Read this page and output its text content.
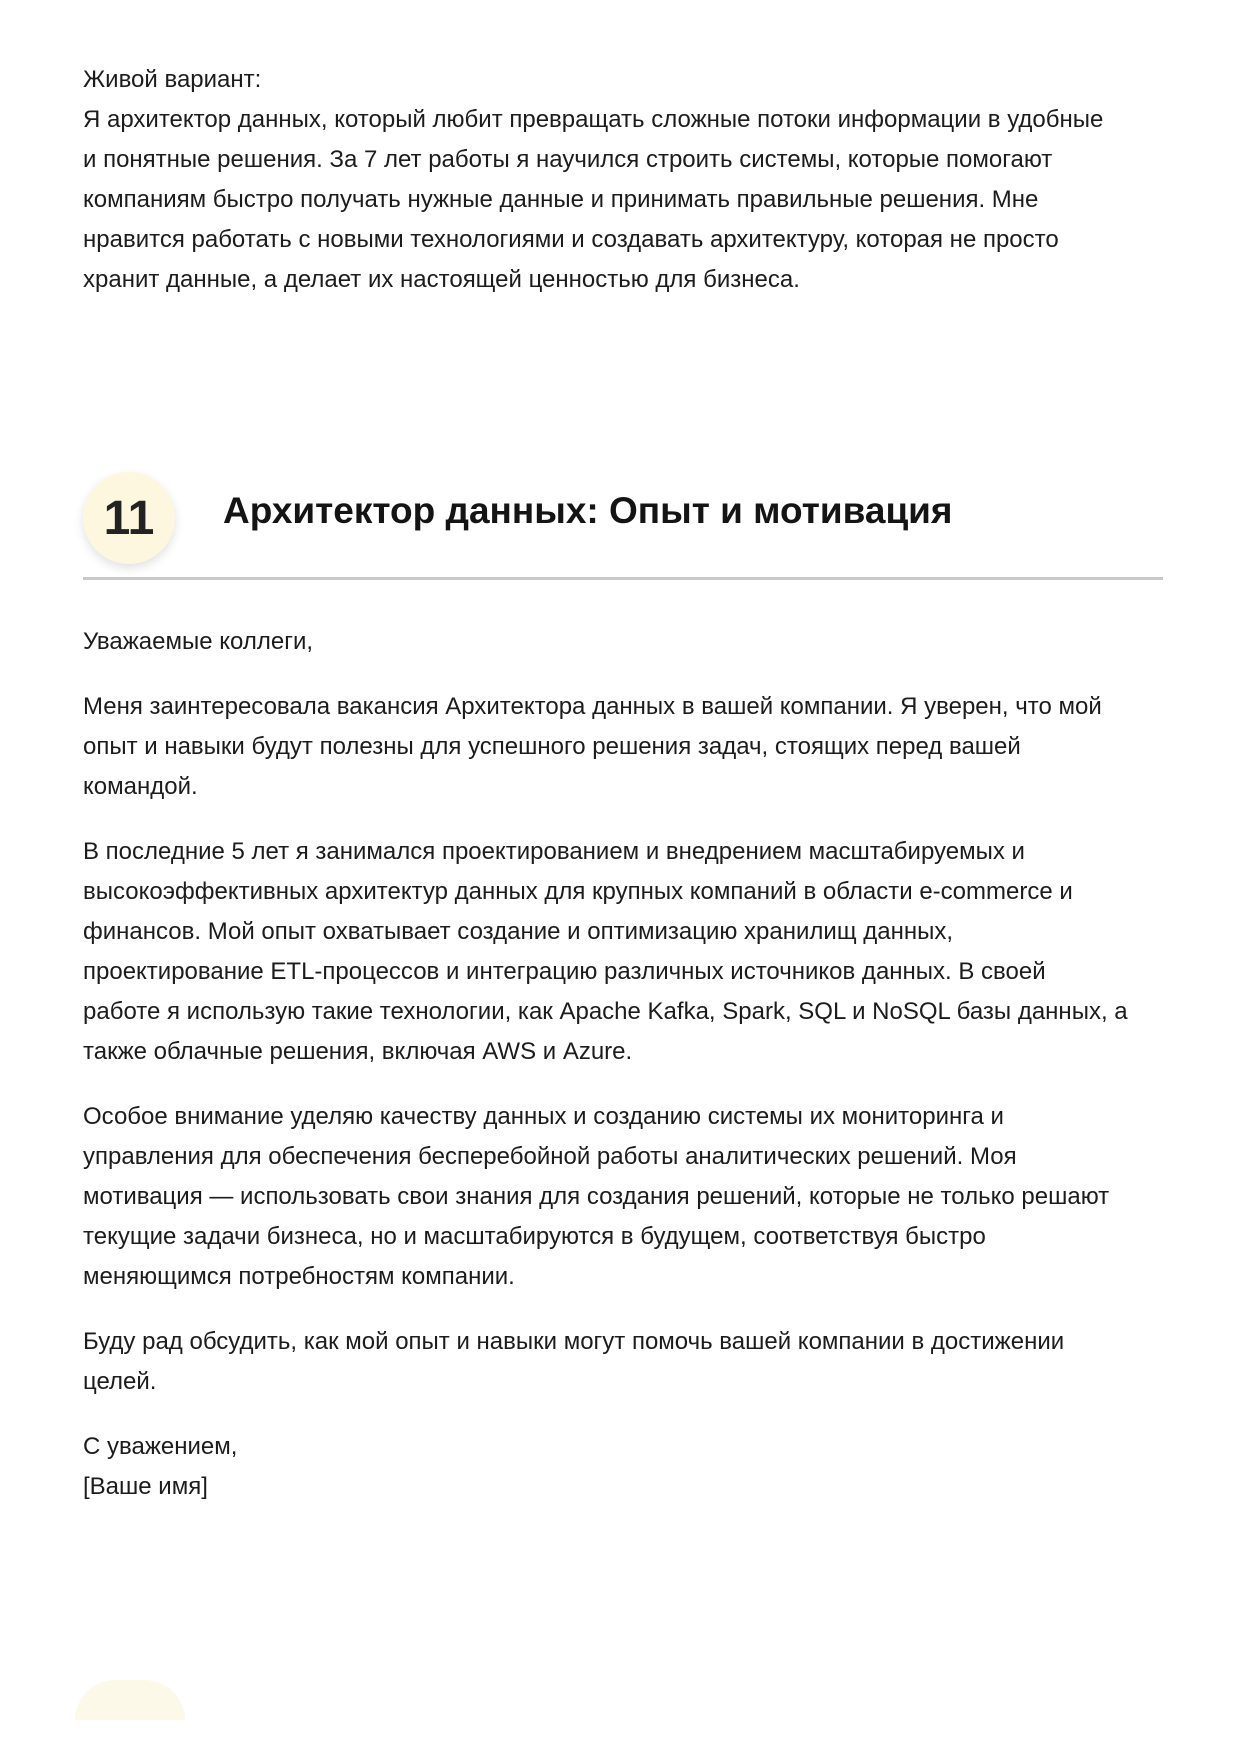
Живой вариант:

Я архитектор данных, который любит превращать сложные потоки информации в удобные

и понятные решения. За 7 лет работы я научился строить системы, которые помогают

компаниям быстро получать нужные данные и принимать правильные решения. Мне

нравится работать с новыми технологиями и создавать архитектуру, которая не просто

хранит данные, а делает их настоящей ценностью для бизнеса.

11	Архитектор данных: Опыт и мотивация

Уважаемые коллеги,

Меня заинтересовала вакансия Архитектора данных в вашей компании. Я уверен, что мой

опыт и навыки будут полезны для успешного решения задач, стоящих перед вашей

командой.

В последние 5 лет я занимался проектированием и внедрением масштабируемых и

высокоэффективных архитектур данных для крупных компаний в области e-commerce и

финансов. Мой опыт охватывает создание и оптимизацию хранилищ данных,

проектирование ETL-процессов и интеграцию различных источников данных. В своей

работе я использую такие технологии, как Apache Kafka, Spark, SQL и NoSQL базы данных, а

также облачные решения, включая AWS и Azure.

Особое внимание уделяю качеству данных и созданию системы их мониторинга и

управления для обеспечения бесперебойной работы аналитических решений. Моя

мотивация — использовать свои знания для создания решений, которые не только решают

текущие задачи бизнеса, но и масштабируются в будущем, соответствуя быстро

меняющимся потребностям компании.

Буду рад обсудить, как мой опыт и навыки могут помочь вашей компании в достижении

целей.

С уважением,

[Ваше имя]
